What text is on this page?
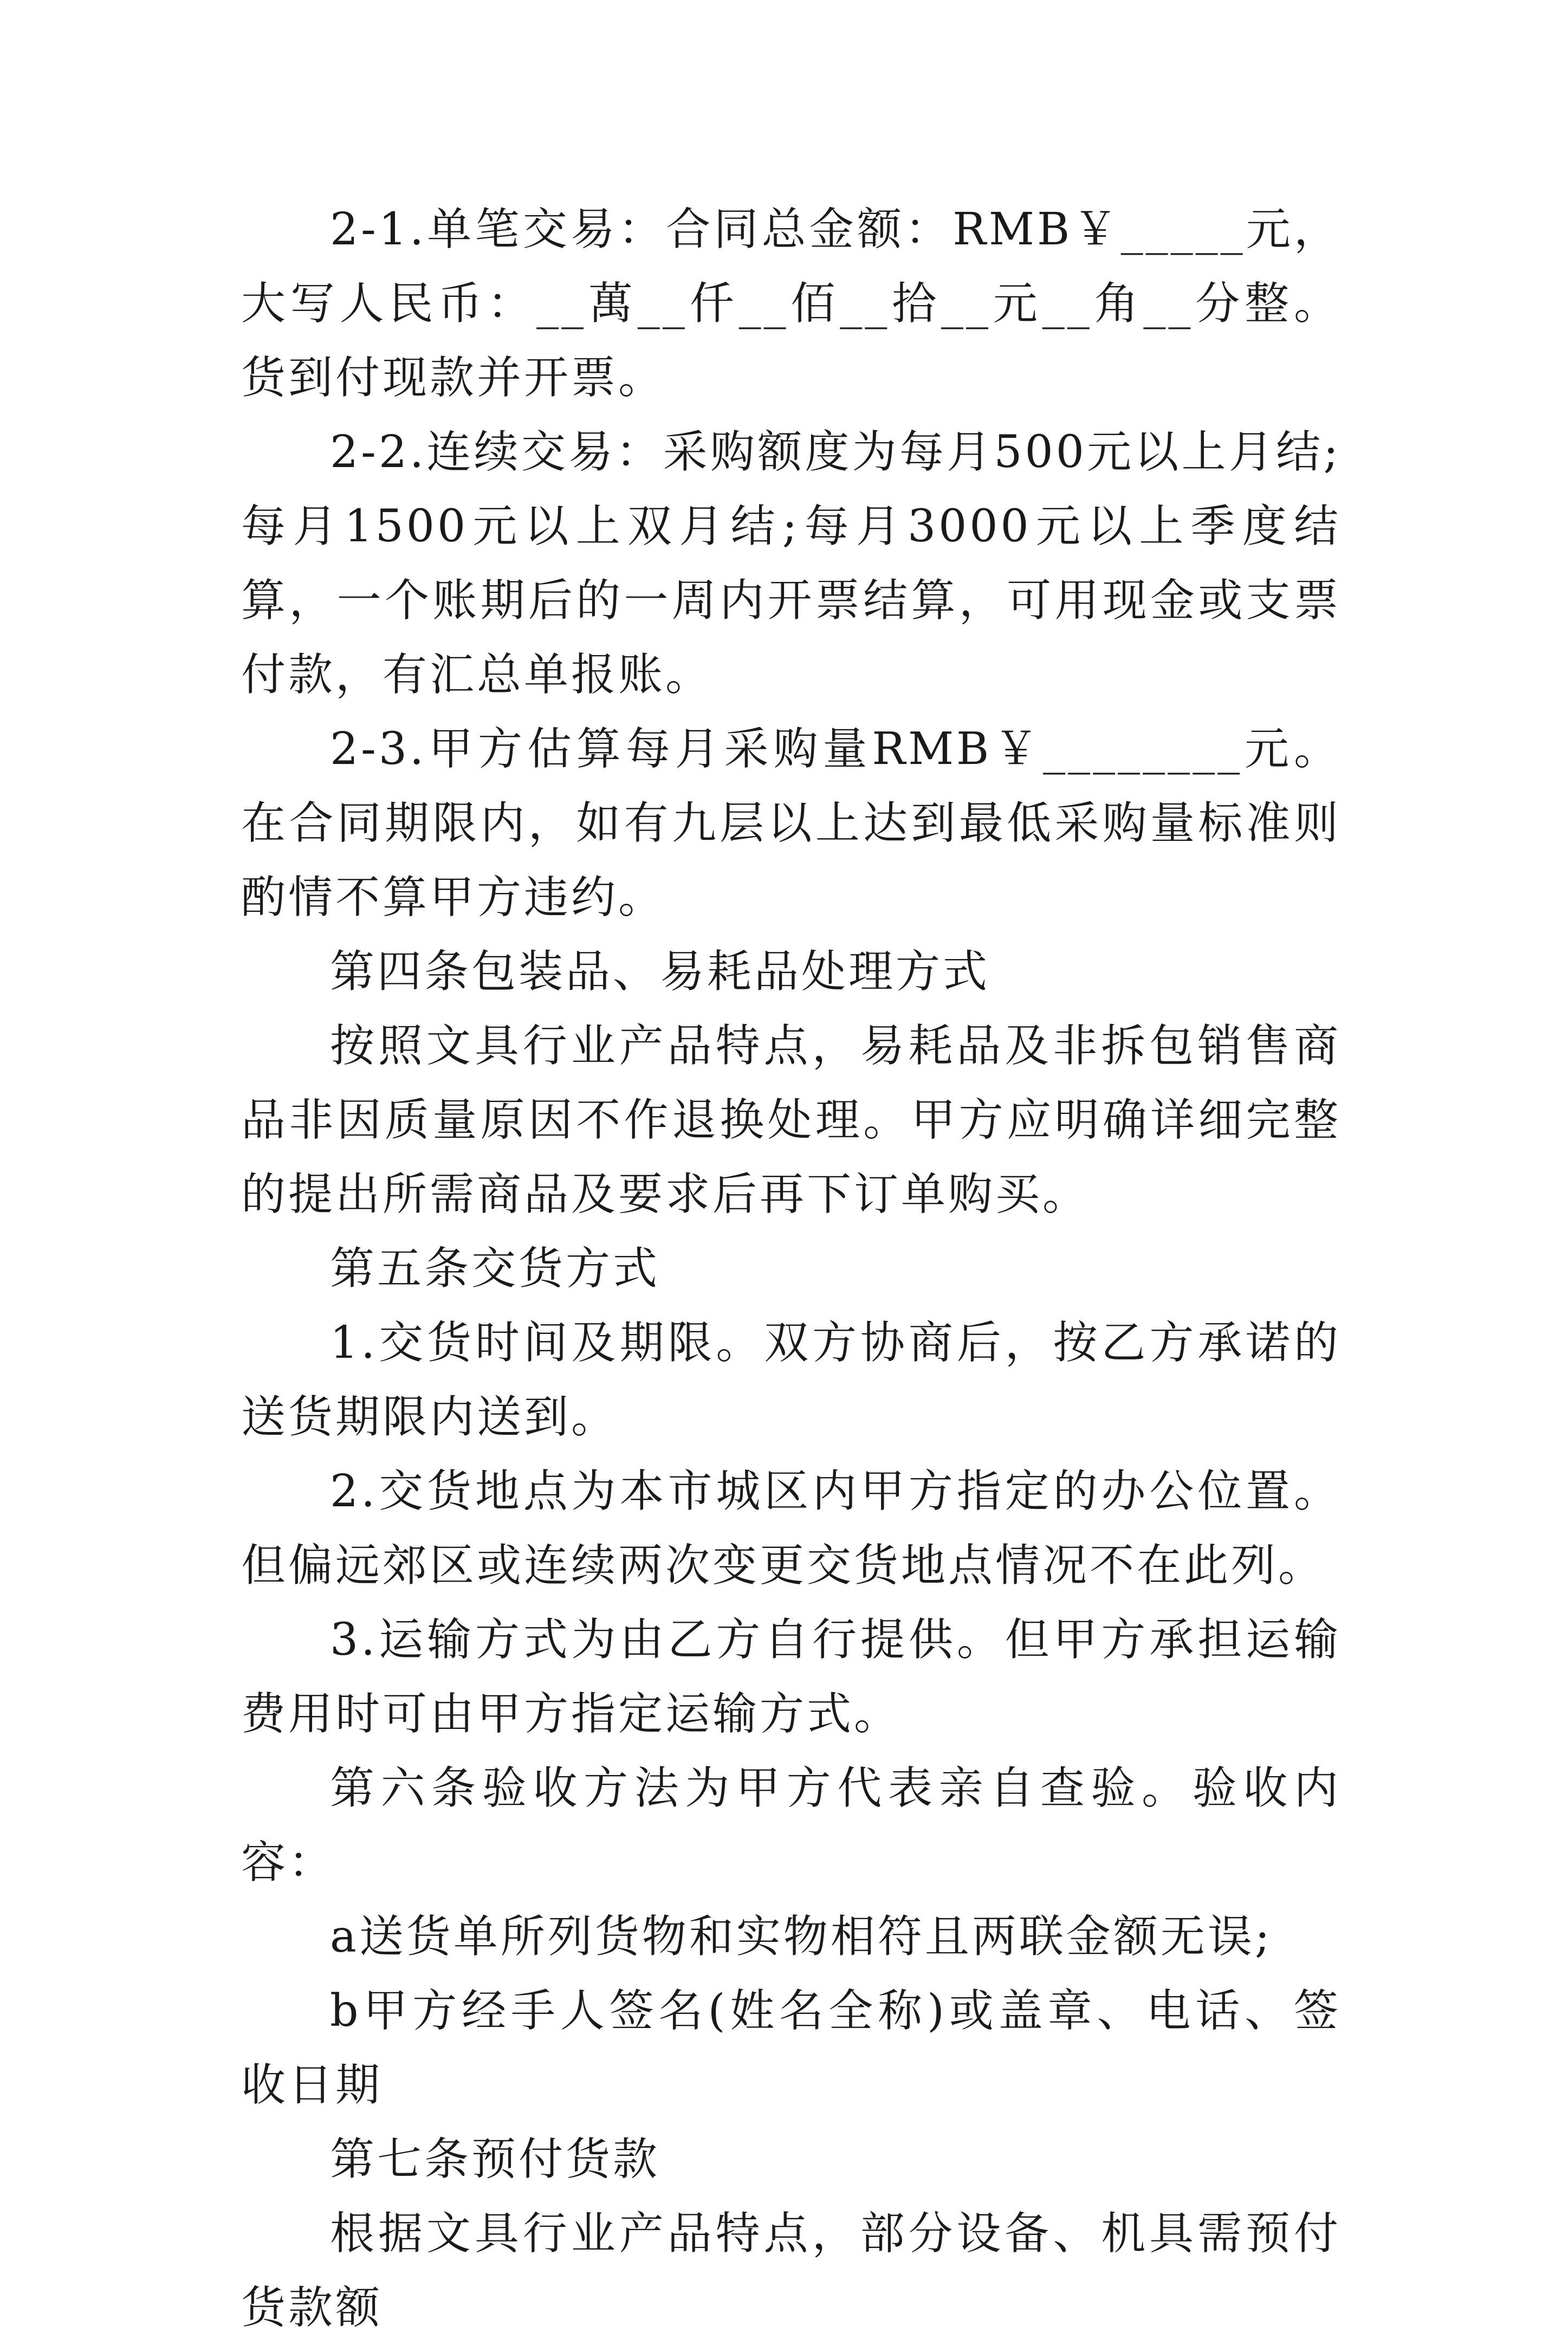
2-1.单笔交易：合同总金额：RMB￥_____元，大写人民币：__萬__仟__佰__拾__元__角__分整。货到付现款并开票。

2-2.连续交易：采购额度为每月500元以上月结;每月1500元以上双月结;每月3000元以上季度结算，一个账期后的一周内开票结算，可用现金或支票付款，有汇总单报账。

2-3.甲方估算每月采购量RMB￥________元。在合同期限内，如有九层以上达到最低采购量标准则酌情不算甲方违约。

第四条包装品、易耗品处理方式

按照文具行业产品特点，易耗品及非拆包销售商品非因质量原因不作退换处理。甲方应明确详细完整的提出所需商品及要求后再下订单购买。

第五条交货方式

1.交货时间及期限。双方协商后，按乙方承诺的送货期限内送到。

2.交货地点为本市城区内甲方指定的办公位置。但偏远郊区或连续两次变更交货地点情况不在此列。

3.运输方式为由乙方自行提供。但甲方承担运输费用时可由甲方指定运输方式。

第六条验收方法为甲方代表亲自查验。验收内容：

a送货单所列货物和实物相符且两联金额无误;

b甲方经手人签名(姓名全称)或盖章、电话、签收日期

第七条预付货款

根据文具行业产品特点，部分设备、机具需预付货款额
